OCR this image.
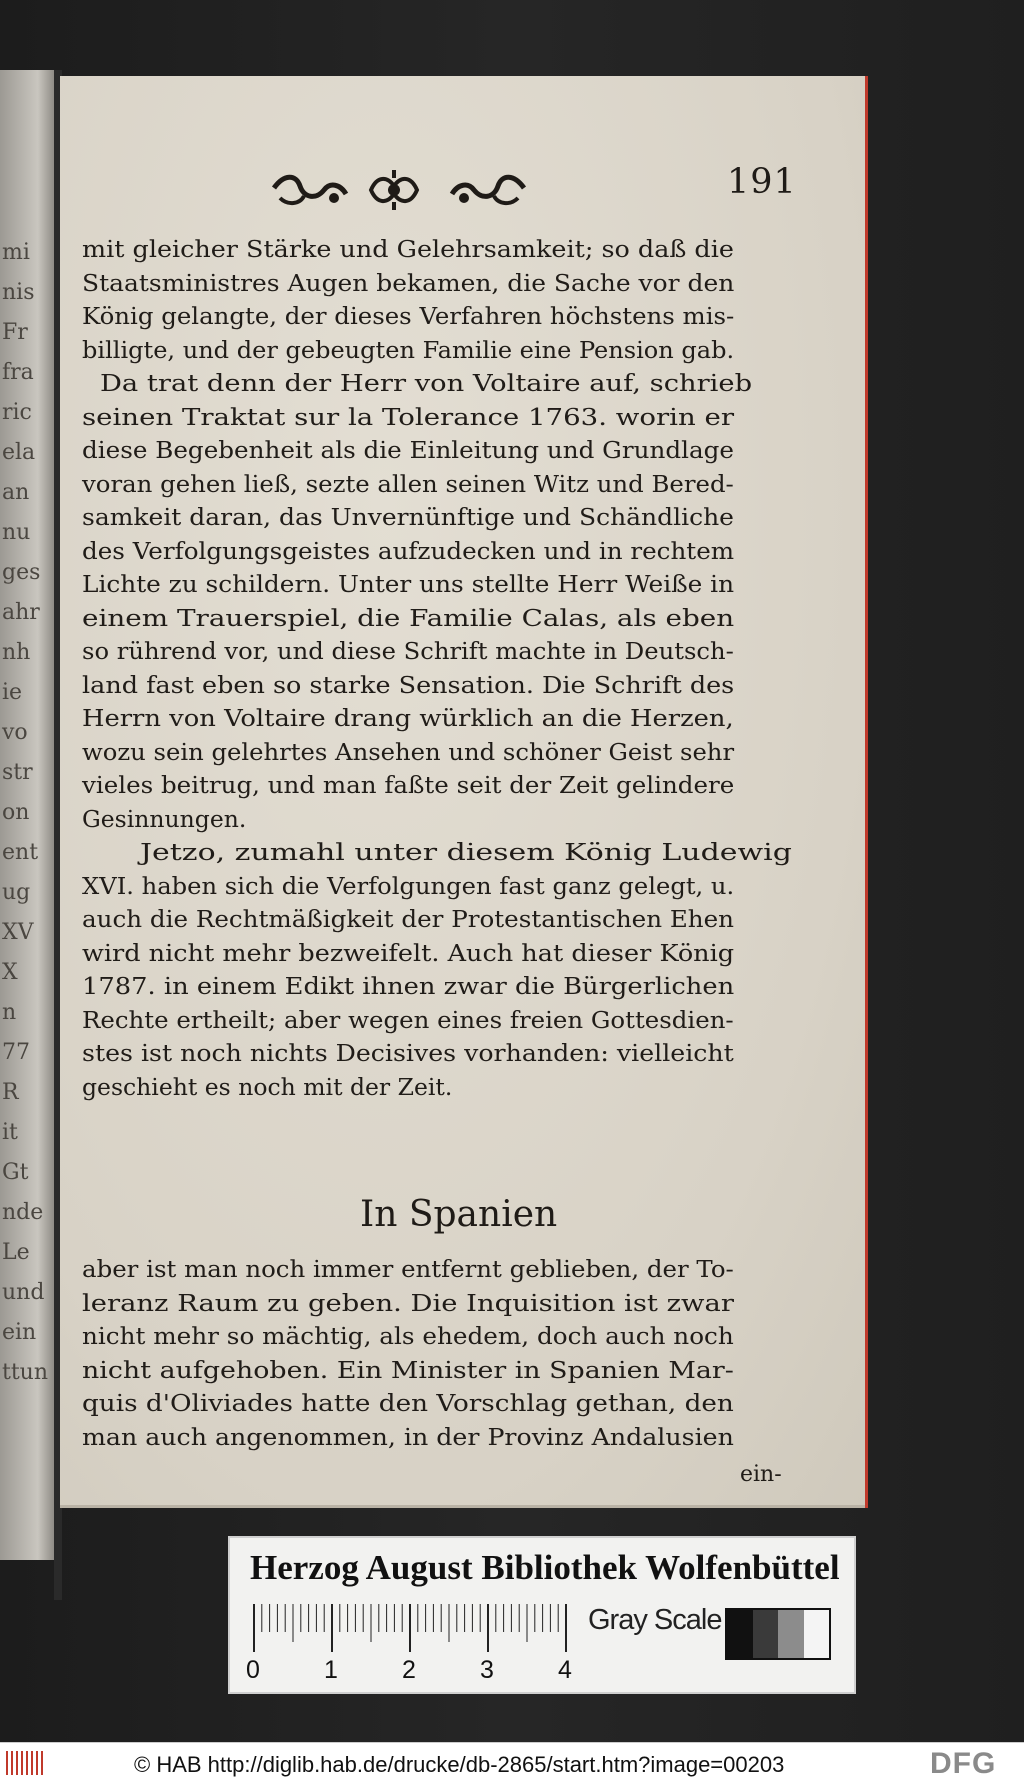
mi
nis
Fr
fra
ric
ela
an
nu
ges
ahr
nh
ie
vo
str
on
ent
ug
XV
X
n
77
R
it
Gt
nde
Le
und
ein
ttun
191
mit gleicher Stärke und Gelehrsamkeit; so daß die
Staatsministres Augen bekamen, die Sache vor den
König gelangte, der dieses Verfahren höchstens mis-
billigte, und der gebeugten Familie eine Pension gab.
Da trat denn der Herr von Voltaire auf, schrieb
seinen Traktat sur la Tolerance 1763. worin er
diese Begebenheit als die Einleitung und Grundlage
voran gehen ließ, sezte allen seinen Witz und Bered-
samkeit daran, das Unvernünftige und Schändliche
des Verfolgungsgeistes aufzudecken und in rechtem
Lichte zu schildern. Unter uns stellte Herr Weiße in
einem Trauerspiel, die Familie Calas, als eben
so rührend vor, und diese Schrift machte in Deutsch-
land fast eben so starke Sensation. Die Schrift des
Herrn von Voltaire drang würklich an die Herzen,
wozu sein gelehrtes Ansehen und schöner Geist sehr
vieles beitrug, und man faßte seit der Zeit gelindere
Gesinnungen.
Jetzo, zumahl unter diesem König Ludewig
XVI. haben sich die Verfolgungen fast ganz gelegt, u.
auch die Rechtmäßigkeit der Protestantischen Ehen
wird nicht mehr bezweifelt. Auch hat dieser König
1787. in einem Edikt ihnen zwar die Bürgerlichen
Rechte ertheilt; aber wegen eines freien Gottesdien-
stes ist noch nichts Decisives vorhanden: vielleicht
geschieht es noch mit der Zeit.
In Spanien
aber ist man noch immer entfernt geblieben, der To-
leranz Raum zu geben. Die Inquisition ist zwar
nicht mehr so mächtig, als ehedem, doch auch noch
nicht aufgehoben. Ein Minister in Spanien Mar-
quis d'Oliviades hatte den Vorschlag gethan, den
man auch angenommen, in der Provinz Andalusien
ein-
Herzog August Bibliothek Wolfenbüttel
0	1	2	3	4
Gray Scale
© HAB http://diglib.hab.de/drucke/db-2865/start.htm?image=00203	DFG
